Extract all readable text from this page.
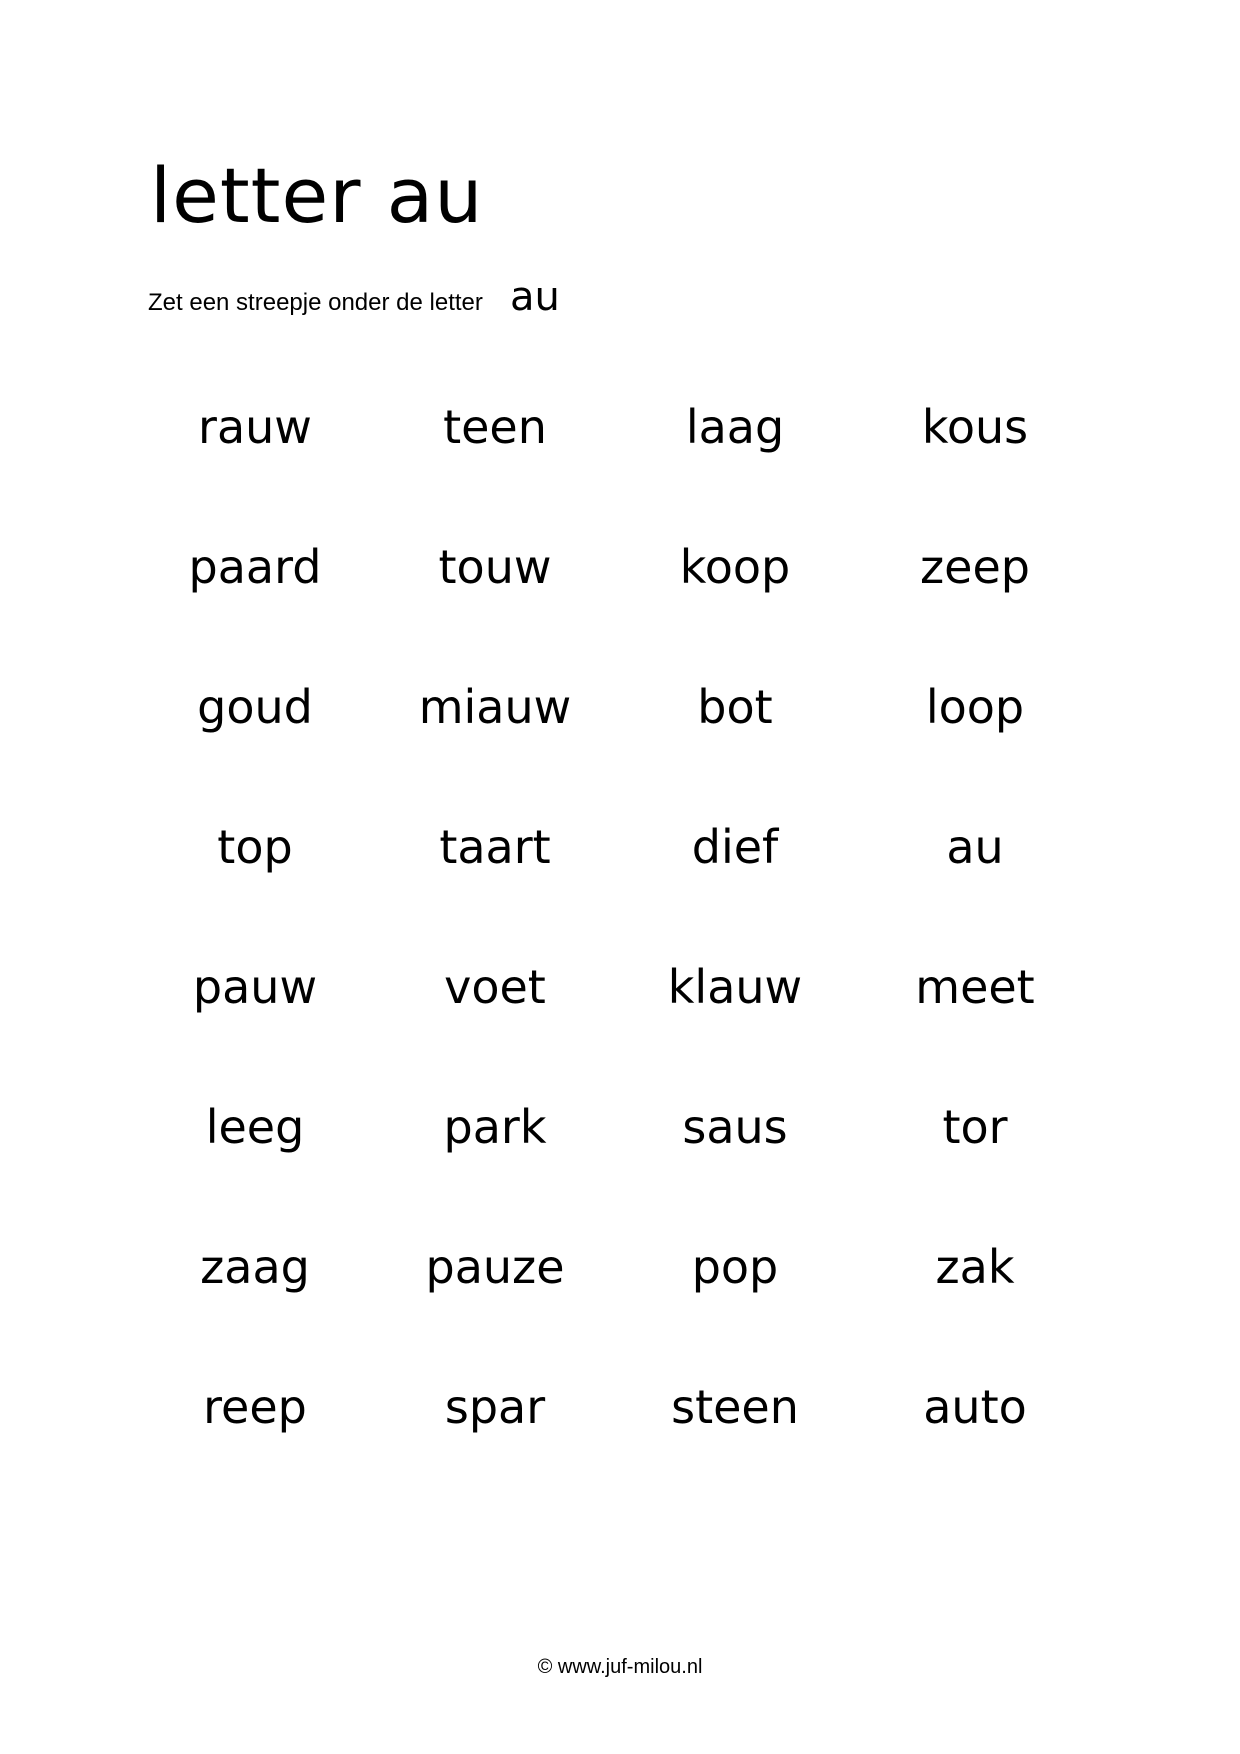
letter au
Zet een streepje onder de letter au
rauw	teen	laag	kous
paard	touw	koop	zeep
goud	miauw	bot	loop
top	taart	dief	au
pauw	voet	klauw	meet
leeg	park	saus	tor
zaag	pauze	pop	zak
reep	spar	steen	auto
© www.juf-milou.nl
